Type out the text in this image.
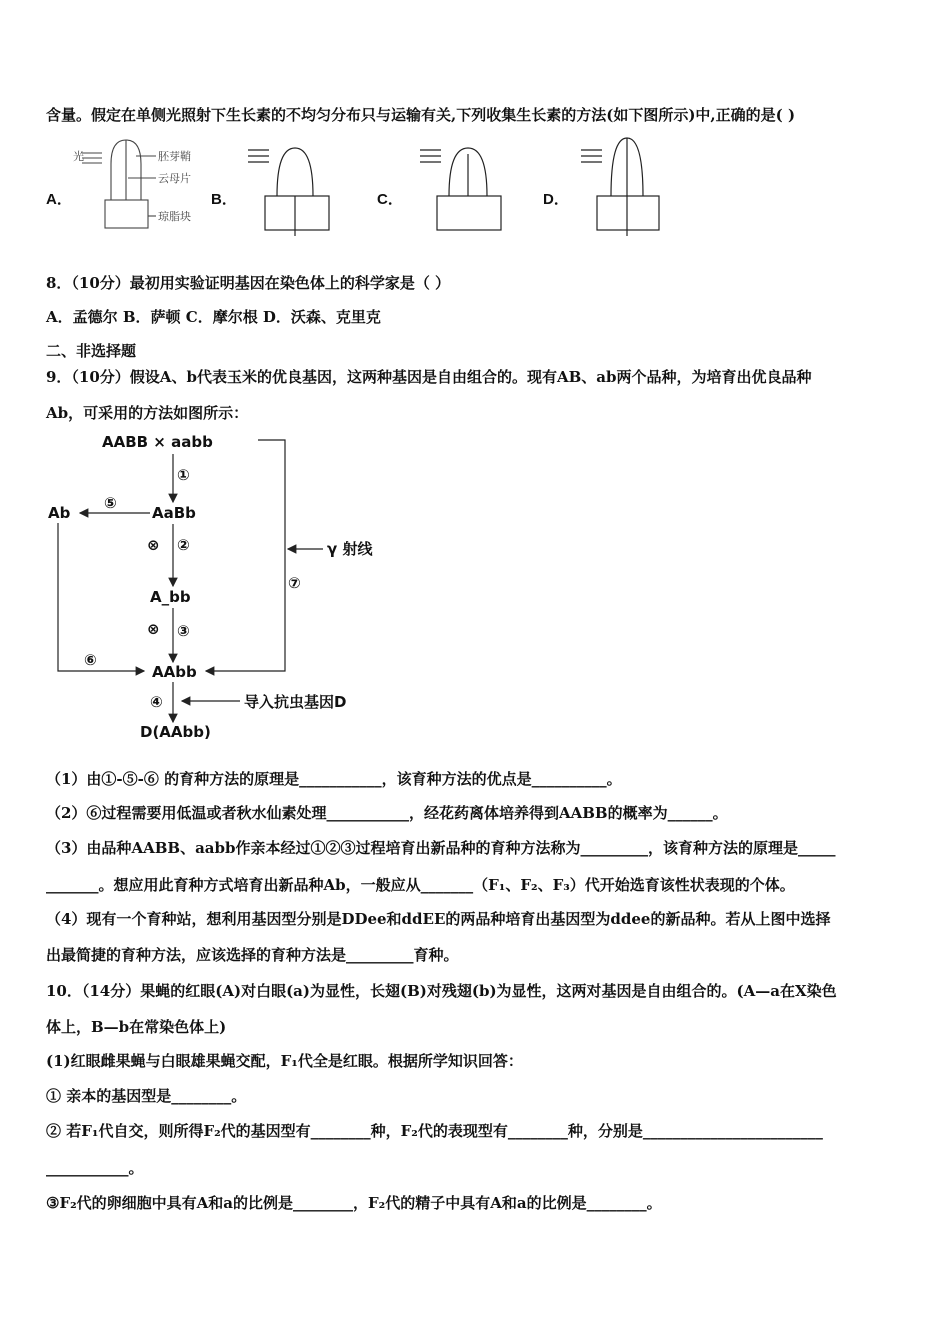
含量。假定在单侧光照射下生长素的不均匀分布只与运输有关,下列收集生长素的方法(如下图所示)中,正确的是( )
A．	B．	C．	D．
光	胚芽鞘
云母片
琼脂块
8．（10分）最初用实验证明基因在染色体上的科学家是（ ）
A．孟德尔 B．萨顿 C．摩尔根 D．沃森、克里克
二、非选择题
9．（10分）假设A、b代表玉米的优良基因，这两种基因是自由组合的。现有AB、ab两个品种，为培育出优良品种
Ab，可采用的方法如图所示：
AABB × aabb
①
AaBb
⑤
Ab
⊗ ②	γ 射线
⑦
A_bb
⊗ ③
⑥
AAbb
④	导入抗虫基因D
D(AAbb)
（1）由①-⑤-⑥ 的育种方法的原理是___________，该育种方法的优点是__________。
（2）⑥过程需要用低温或者秋水仙素处理___________，经花药离体培养得到AABB的概率为______。
（3）由品种AABB、aabb作亲本经过①②③过程培育出新品种的育种方法称为_________，该育种方法的原理是_____
_______。想应用此育种方式培育出新品种Ab，一般应从_______（F₁、F₂、F₃）代开始选育该性状表现的个体。
（4）现有一个育种站，想利用基因型分别是DDee和ddEE的两品种培育出基因型为ddee的新品种。若从上图中选择
出最简捷的育种方法，应该选择的育种方法是_________育种。
10．（14分）果蝇的红眼(A)对白眼(a)为显性，长翅(B)对残翅(b)为显性，这两对基因是自由组合的。(A—a在X染色
体上，B—b在常染色体上)
(1)红眼雌果蝇与白眼雄果蝇交配，F₁代全是红眼。根据所学知识回答：
① 亲本的基因型是________。
② 若F₁代自交，则所得F₂代的基因型有________种，F₂代的表现型有________种，分别是________________________
___________。
③F₂代的卵细胞中具有A和a的比例是________，F₂代的精子中具有A和a的比例是________。
